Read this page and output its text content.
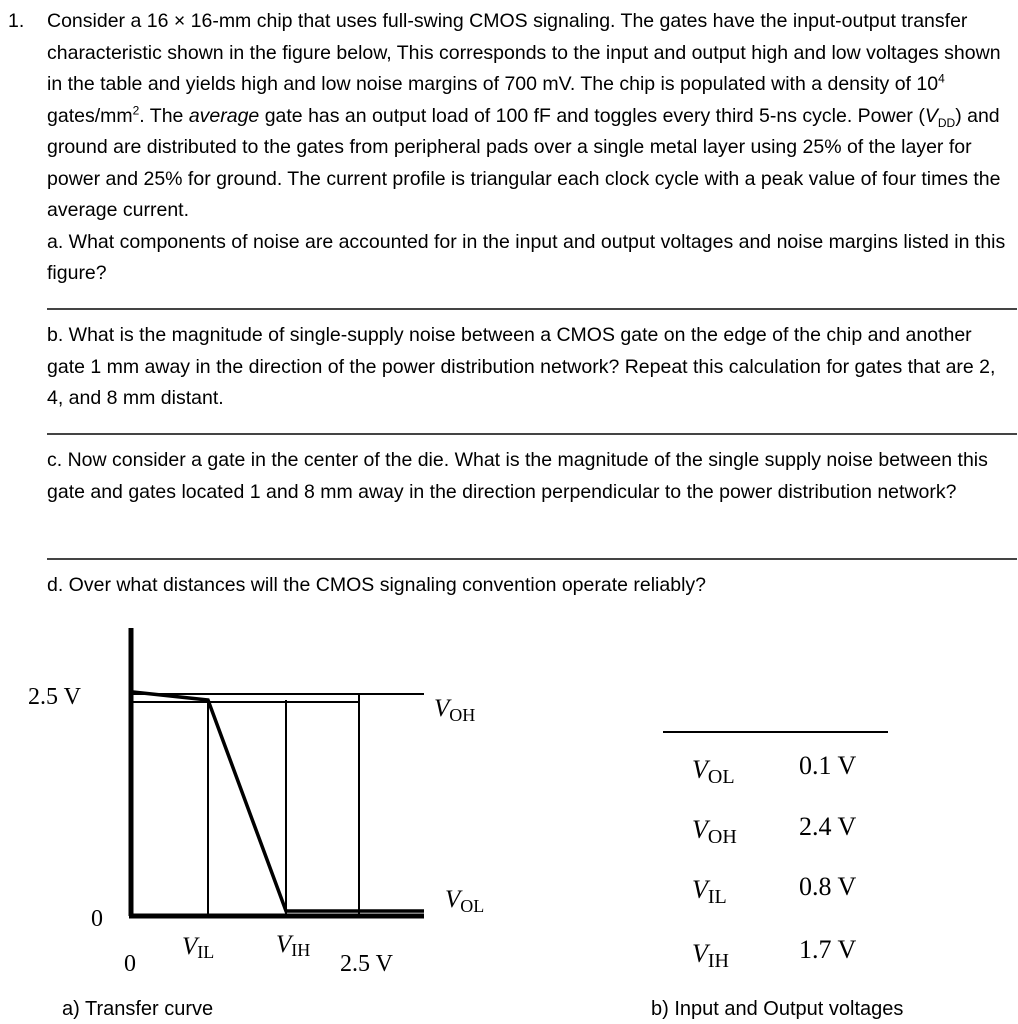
1. Consider a 16 × 16-mm chip that uses full-swing CMOS signaling. The gates have the input-output transfer characteristic shown in the figure below, This corresponds to the input and output high and low voltages shown in the table and yields high and low noise margins of 700 mV. The chip is populated with a density of $10^4$ gates/$mm^2$. The average gate has an output load of 100 fF and toggles every third 5-ns cycle. Power $(V_{DD})$ and ground are distributed to the gates from peripheral pads over a single metal layer using 25% of the layer for power and 25% for ground. The current profile is triangular each clock cycle with a peak value of four times the average current.
a. What components of noise are accounted for in the input and output voltages and noise margins listed in this figure?
b. What is the magnitude of single-supply noise between a CMOS gate on the edge of the chip and another gate 1 mm away in the direction of the power distribution network? Repeat this calculation for gates that are 2, 4, and 8 mm distant.
c. Now consider a gate in the center of the die. What is the magnitude of the single supply noise between this gate and gates located 1 and 8 mm away in the direction perpendicular to the power distribution network?
d. Over what distances will the CMOS signaling convention operate reliably?
2.5 V
0
0
VIL VIH
2.5 V
$V_{OH}$
$V_{OL}$
a) Transfer curve
VOL 0.1 V
VOH 2.4 V
VIL	0.8 V
VIH	1.7 V
b) Input and Output voltages
